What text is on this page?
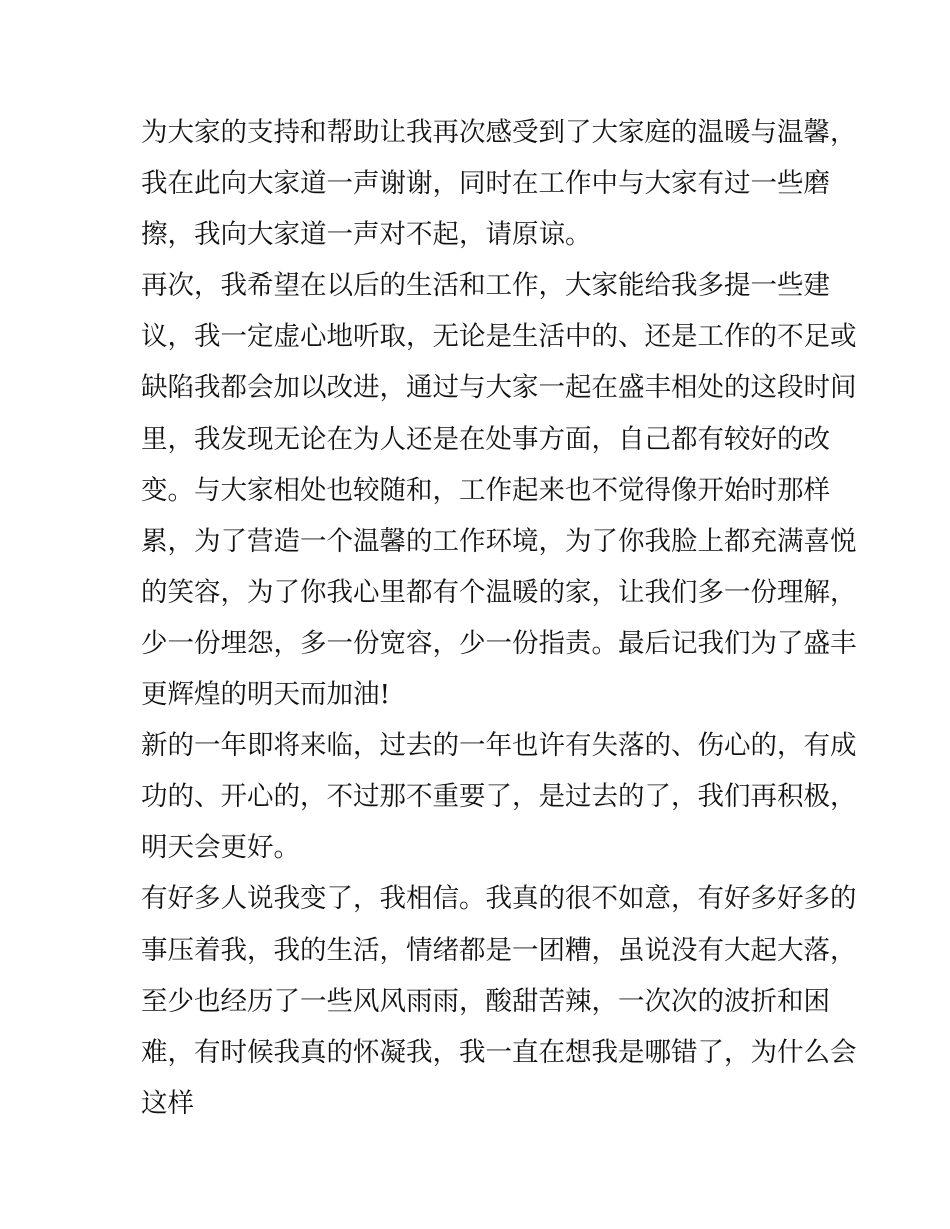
为大家的支持和帮助让我再次感受到了大家庭的温暖与温馨，
我在此向大家道一声谢谢，同时在工作中与大家有过一些磨
擦，我向大家道一声对不起，请原谅。
再次，我希望在以后的生活和工作，大家能给我多提一些建
议，我一定虚心地听取，无论是生活中的、还是工作的不足或
缺陷我都会加以改进，通过与大家一起在盛丰相处的这段时间
里，我发现无论在为人还是在处事方面，自己都有较好的改
变。与大家相处也较随和，工作起来也不觉得像开始时那样
累，为了营造一个温馨的工作环境，为了你我脸上都充满喜悦
的笑容，为了你我心里都有个温暖的家，让我们多一份理解，
少一份埋怨，多一份宽容，少一份指责。最后记我们为了盛丰
更辉煌的明天而加油!
新的一年即将来临，过去的一年也许有失落的、伤心的，有成
功的、开心的，不过那不重要了，是过去的了，我们再积极，
明天会更好。
有好多人说我变了，我相信。我真的很不如意，有好多好多的
事压着我，我的生活，情绪都是一团糟，虽说没有大起大落，
至少也经历了一些风风雨雨，酸甜苦辣，一次次的波折和困
难，有时候我真的怀凝我，我一直在想我是哪错了，为什么会
这样
